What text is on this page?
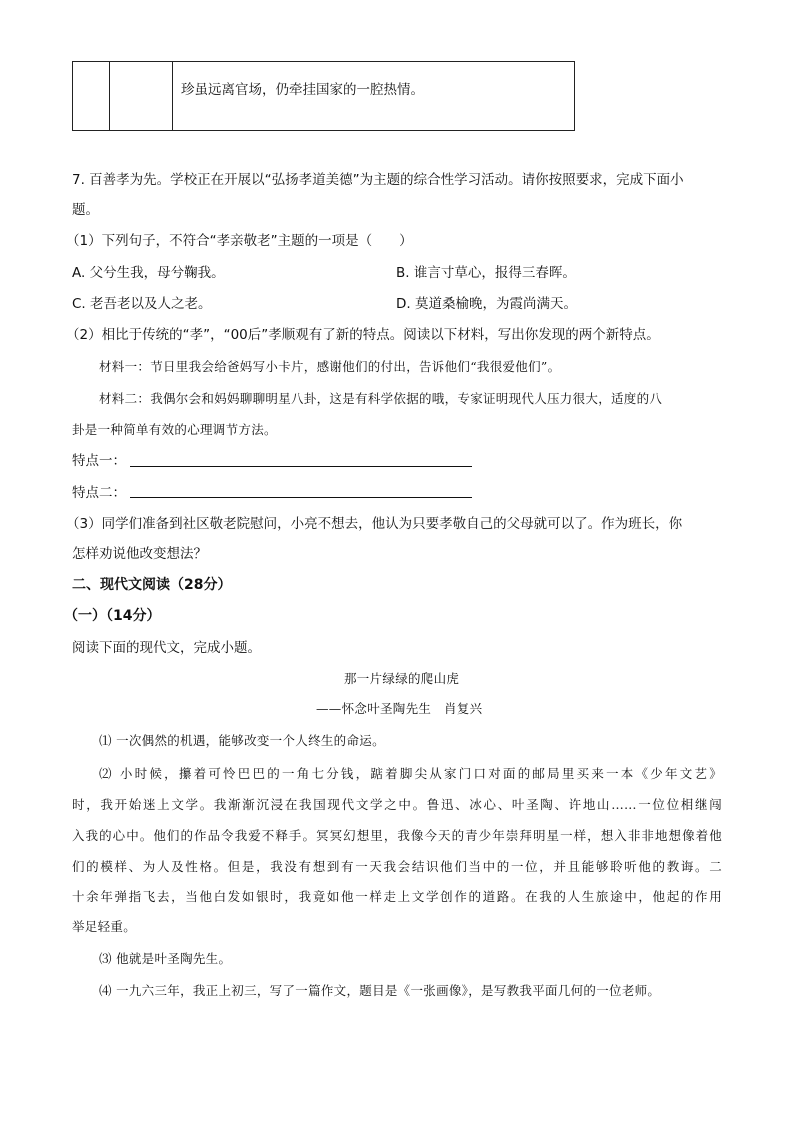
		珍虽远离官场，仍牵挂国家的一腔热情。
7. 百善孝为先。学校正在开展以“弘扬孝道美德”为主题的综合性学习活动。请你按照要求，完成下面小
题。
（1）下列句子，不符合“孝亲敬老”主题的一项是（　　）
A. 父兮生我，母兮鞠我。	B. 谁言寸草心，报得三春晖。
C. 老吾老以及人之老。	D. 莫道桑榆晚，为霞尚满天。
（2）相比于传统的“孝”，“00后”孝顺观有了新的特点。阅读以下材料，写出你发现的两个新特点。
材料一：节日里我会给爸妈写小卡片，感谢他们的付出，告诉他们“我很爱他们”。
材料二：我偶尔会和妈妈聊聊明星八卦，这是有科学依据的哦，专家证明现代人压力很大，适度的八
卦是一种简单有效的心理调节方法。
特点一：
特点二：
（3）同学们准备到社区敬老院慰问，小亮不想去，他认为只要孝敬自己的父母就可以了。作为班长，你
怎样劝说他改变想法？
二、现代文阅读（28分）
（一）（14分）
阅读下面的现代文，完成小题。
那一片绿绿的爬山虎
——怀念叶圣陶先生　肖复兴
⑴ 一次偶然的机遇，能够改变一个人终生的命运。
⑵ 小时候，攥着可怜巴巴的一角七分钱，踮着脚尖从家门口对面的邮局里买来一本《少年文艺》
时，我开始迷上文学。我渐渐沉浸在我国现代文学之中。鲁迅、冰心、叶圣陶、许地山……一位位相继闯
入我的心中。他们的作品令我爱不释手。冥冥幻想里，我像今天的青少年崇拜明星一样，想入非非地想像着他
们的模样、为人及性格。但是，我没有想到有一天我会结识他们当中的一位，并且能够聆听他的教诲。二
十余年弹指飞去，当他白发如银时，我竟如他一样走上文学创作的道路。在我的人生旅途中，他起的作用
举足轻重。
⑶ 他就是叶圣陶先生。
⑷ 一九六三年，我正上初三，写了一篇作文，题目是《一张画像》，是写教我平面几何的一位老师。
